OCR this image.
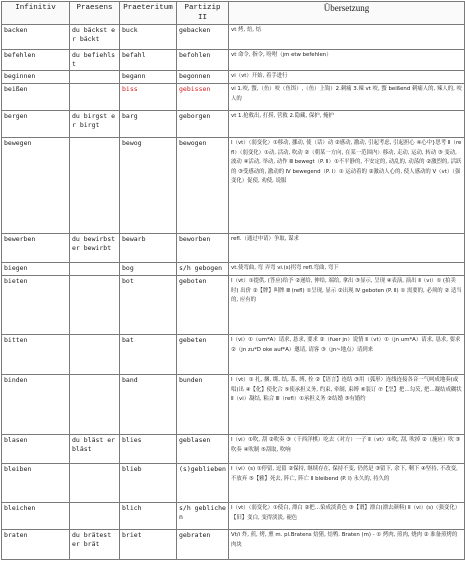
Infinitiv	Praesens	Praeteritum	Partizip II	Übersetzung
backen	du bäckst er bäckt	buck	gebacken	vt 烤, 焙, 焙
befehlen	du befiehlst	befahl	befohlen	vt 命令, 指令, 吩咐（jm etw befehlen）
beginnen		begann	begonnen	vi（vt）开始, 着手进行
beißen		biss	gebissen	vi 1.咬, 螫,（鱼）咬（鱼饵）,（鱼）上钩）2.刺痛 3.辣 vt 咬, 螫 beißend 刺痛人的, 辣人的, 咬人的
bergen	du birgst er birgt	barg	geborgen	vt 1.抢救出, 打捞, 营救 2.隐藏, 保护, 掩护
bewegen		bewog	bewogen	Ⅰ（vt）（弱变化）①移动, 挪动, 使（话）动 ②感动, 激动, 引起考虑, 引起担心 ④心中}思考 Ⅱ（refl）（弱变化）①动, 活动, 吹动 ②（朝某一方向, 在某一范围内）移动, 走动, 运动, 转动 ③ 变动, 波动 ④活动, 举动, 动作 Ⅲ bewegt（P. Ⅱ）①不平静的, 不安定的, 动乱的, 动荡的 ②激烈的, 活跃的 ③受感动的, 激动的 Ⅳ bewegend（P. Ⅰ）① 运动着的 ②激动人心的, 使人感动的 Ⅴ（vt）（强变化）促使, 劝使, 说服
bewerben	du bewirbst er bewirbt	bewarb	beworben	refl.（通过申请）争取, 谋求
biegen		bog	s/h gebogen	vt.使弯曲, 弯 弄弯 vi.(s)拐弯 refl.弯曲, 弯下
bieten		bot	geboten	Ⅰ（vt）①提供, (答应)给予 ②递给, 伸给, 端给, 拿出 ③显示, 呈现 ④表演, 演出 Ⅱ（vi）① (拍卖时) 出价 ②【牌】叫牌 Ⅲ (refl) ①呈现, 显示 ②出现 Ⅳ geboten (P. Ⅱ) ① 需要的, 必须的 ② 适当的, 应有的
bitten		bat	gebeten	Ⅰ（vi）①（um*A）请求, 恳求, 要求 ②（fuer jn）说情 Ⅱ（vt）①（jn um*A）请求, 恳求, 要求 ②（jn zu*D oke auf*A）邀请, 请客 ③（jn~地点）请到来
binden		band	bunden	Ⅰ（vt）① 扎, 捆, 绑, 结, 系, 缚, 拴 ②【语言】连结 ③用（弧形）连线连接各音一气呵成地奏(或唱)出 ④【化】使化合 ⑤使承担义务, 约束, 牵制, 束缚 ⑥装订 ⑦【烹】把…勾芡, 把…凝结成糊状 Ⅱ（vi）凝结, 粘合 Ⅲ（refl）①承担义务 ②结婚 ③有婚约
blasen	du bläst er bläst	blies	geblasen	Ⅰ（vi）①吹, 刮 ②吹奏 ③（干西洋棋）吃去（对方）一子 Ⅱ（vt）①吹, 刮, 吹掉 ②（施应）吹 ③吹奏 ④吹制 ⑤刮取, 吹响
bleiben		blieb	(s)geblieben	Ⅰ（vi）(s) ①停留, 逗留 ②保持, 继续存在, 保持不变, 仍然是 ③留下, 余下, 剩下 ④坚持, 不改变, 不放弃 ⑤【雅】死去, 阵亡, 阵亡 Ⅱ bleibend (P. Ⅰ) 永久的, 持久的
bleichen		blich	s/h geblichen	Ⅰ（vt）（弱变化）①使白, 漂白 ②把…染成淡黄色 ③【谓】漂白(漂去颜料) Ⅱ（vi）(s)（强变化）【旧】变白, 变得淡淡, 褪色
braten	du brätest er brät	briet	gebraten	Vt/i 炸, 煎, 烤, 熏 m. pl.Bratens 焙猪, 焙鸭. Braten (m) - ① 烤肉, 煎肉, 烧肉 ② 准备煎烤的肉块
